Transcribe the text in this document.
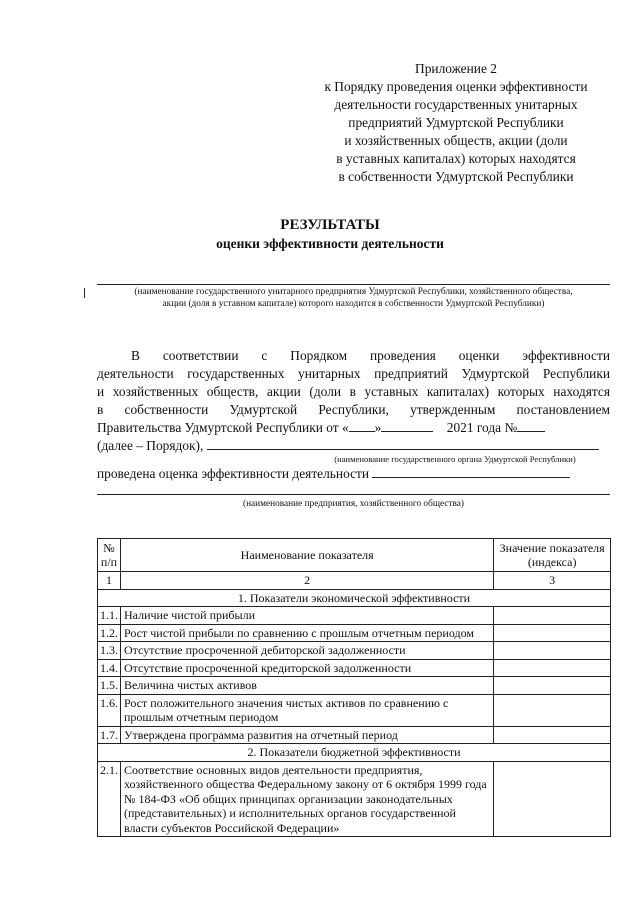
Приложение 2
к Порядку проведения оценки эффективности
деятельности государственных унитарных
предприятий Удмуртской Республики
и хозяйственных обществ, акции (доли
в уставных капиталах) которых находятся
в собственности Удмуртской Республики
РЕЗУЛЬТАТЫ
оценки эффективности деятельности
(наименование государственного унитарного предприятия Удмуртской Республики, хозяйственного общества,
акции (доля в уставном капитале) которого находится в собственности Удмуртской Республики)
В соответствии с Порядком проведения оценки эффективности
деятельности государственных унитарных предприятий Удмуртской Республики
и хозяйственных обществ, акции (доли в уставных капиталах) которых находятся
в собственности Удмуртской Республики, утвержденным постановлением
Правительства Удмуртской Республики от « »	2021 года №
(далее – Порядок),
(наименование государственного органа Удмуртской Республики)
проведена оценка эффективности деятельности
(наименование предприятия, хозяйственного общества)
№ п/п	Наименование показателя	Значение показателя (индекса)
1	2	3
1. Показатели экономической эффективности		
1.1.	Наличие чистой прибыли	
1.2.	Рост чистой прибыли по сравнению с прошлым отчетным периодом	
1.3.	Отсутствие просроченной дебиторской задолженности	
1.4.	Отсутствие просроченной кредиторской задолженности	
1.5.	Величина чистых активов	
1.6.	Рост положительного значения чистых активов по сравнению с прошлым отчетным периодом	
1.7.	Утверждена программа развития на отчетный период	
2. Показатели бюджетной эффективности		
2.1.	Соответствие основных видов деятельности предприятия, хозяйственного общества Федеральному закону от 6 октября 1999 года № 184-ФЗ «Об общих принципах организации законодательных (представительных) и исполнительных органов государственной власти субъектов Российской Федерации»	
